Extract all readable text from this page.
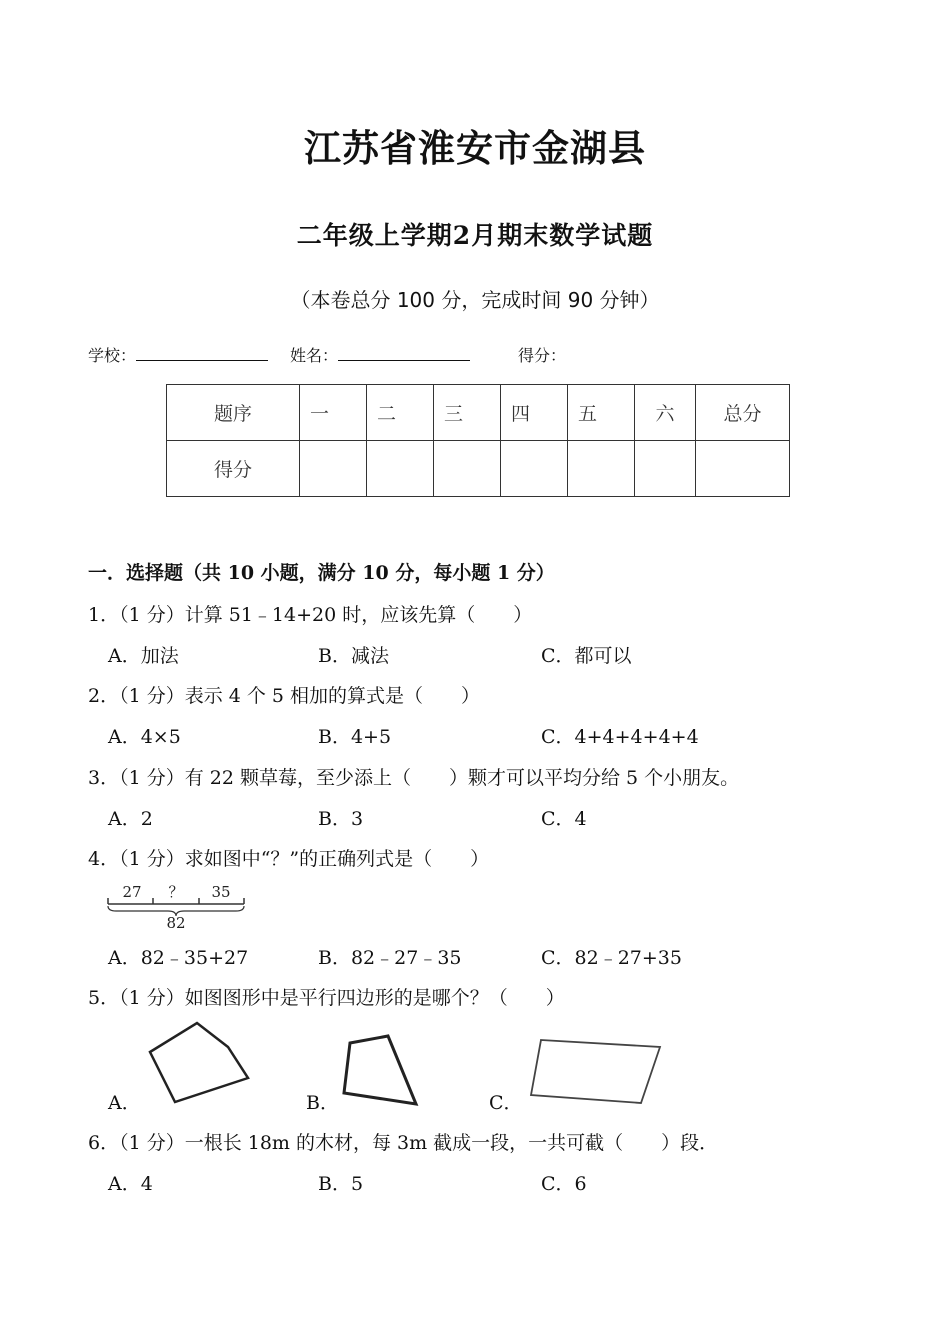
江苏省淮安市金湖县
二年级上学期2月期末数学试题
（本卷总分 100 分，完成时间 90 分钟）
学校：	姓名：	得分：
题序	一	二	三	四	五	六	总分
得分							
一．选择题（共 10 小题，满分 10 分，每小题 1 分）
1．（1 分）计算 51﹣14+20 时，应该先算（　　）
A．加法	B．减法	C．都可以
2．（1 分）表示 4 个 5 相加的算式是（　　）
A．4×5	B．4+5	C．4+4+4+4+4
3．（1 分）有 22 颗草莓，至少添上（　　）颗才可以平均分给 5 个小朋友。
A．2	B．3	C．4
4．（1 分）求如图中“？”的正确列式是（　　）
27 ？ 35
82
A．82﹣35+27	B．82﹣27﹣35	C．82﹣27+35
5．（1 分）如图图形中是平行四边形的是哪个？（　　）
A．	B．	C．
6．（1 分）一根长 18m 的木材，每 3m 截成一段，一共可截（　　）段．
A．4	B．5	C．6
